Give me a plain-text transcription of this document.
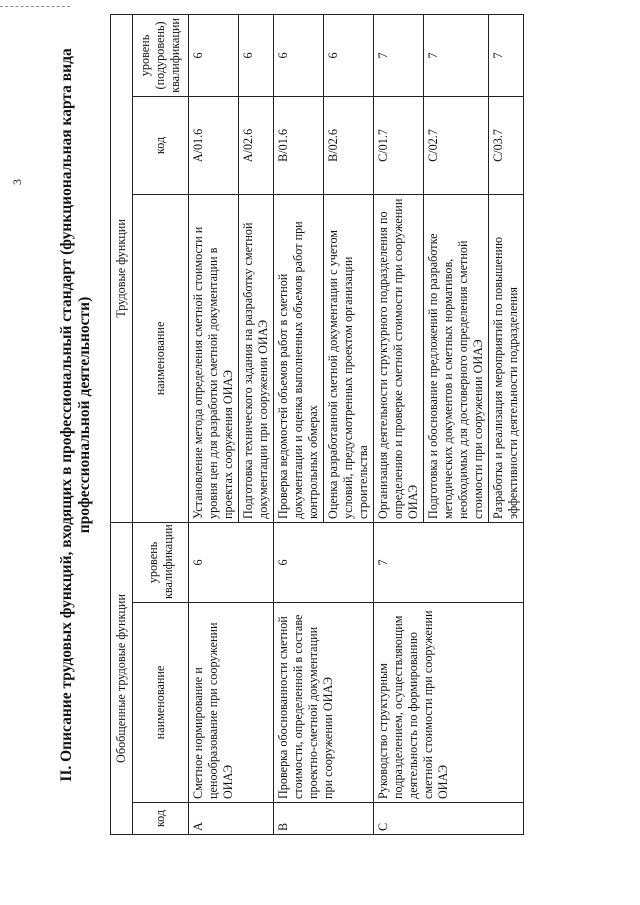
3 II. Описание трудовых функций, входящих в профессиональный стандарт (функциональная карта вида профессиональной деятельности)
Обобщенные трудовые функции			Трудовые функции		
код	наименование	уровень квалификации	наименование	код	уровень (подуровень) квалификации
A	Сметное нормирование и ценообразование при сооружении ОИАЭ	6	Установление метода определения сметной стоимости и уровня цен для разработки сметной документации в проектах сооружения ОИАЭ	A/01.6	6
			Подготовка технического задания на разработку сметной документации при сооружении ОИАЭ	A/02.6	6
B	Проверка обоснованности сметной стоимости, определенной в составе проектно-сметной документации при сооружении ОИАЭ	6	Проверка ведомостей объемов работ в сметной документации и оценка выполненных объемов работ при контрольных обмерах	B/01.6	6
			Оценка разработанной сметной документации с учетом условий, предусмотренных проектом организации строительства	B/02.6	6
C	Руководство структурным подразделением, осуществляющим деятельность по формированию сметной стоимости при сооружении ОИАЭ	7	Организация деятельности структурного подразделения по определению и проверке сметной стоимости при сооружении ОИАЭ	C/01.7	7
			Подготовка и обоснование предложений по разработке методических документов и сметных нормативов, необходимых для достоверного определения сметной стоимости при сооружении ОИАЭ	C/02.7	7
			Разработка и реализация мероприятий по повышению эффективности деятельности подразделения	C/03.7	7
